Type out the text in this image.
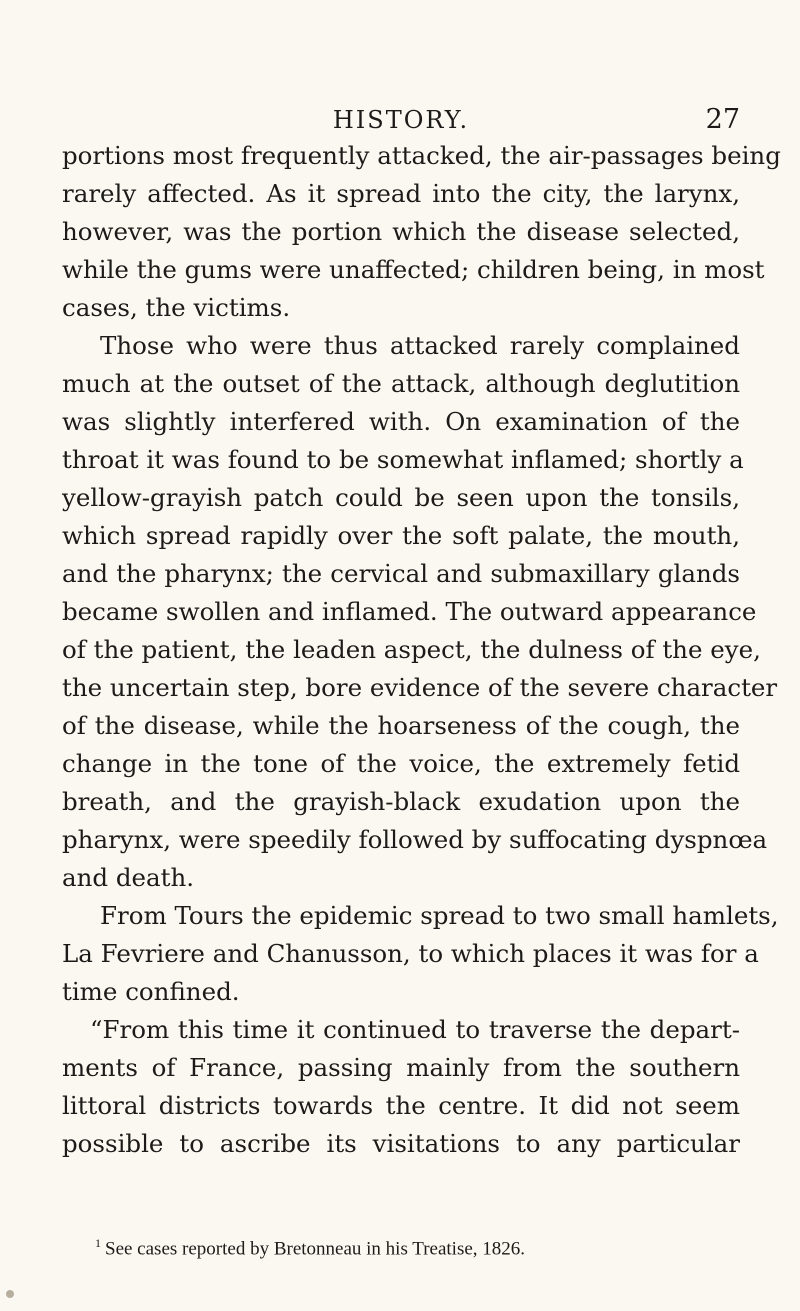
HISTORY.	27
portions most frequently attacked, the air-passages being
rarely affected. As it spread into the city, the larynx,
however, was the portion which the disease selected,
while the gums were unaffected; children being, in most
cases, the victims.
Those who were thus attacked rarely complained
much at the outset of the attack, although deglutition
was slightly interfered with. On examination of the
throat it was found to be somewhat inflamed; shortly a
yellow-grayish patch could be seen upon the tonsils,
which spread rapidly over the soft palate, the mouth,
and the pharynx; the cervical and submaxillary glands
became swollen and inflamed. The outward appearance
of the patient, the leaden aspect, the dulness of the eye,
the uncertain step, bore evidence of the severe character
of the disease, while the hoarseness of the cough, the
change in the tone of the voice, the extremely fetid
breath, and the grayish-black exudation upon the
pharynx, were speedily followed by suffocating dyspnœa
and death.
From Tours the epidemic spread to two small hamlets,
La Fevriere and Chanusson, to which places it was for a
time confined.
“From this time it continued to traverse the depart-
ments of France, passing mainly from the southern
littoral districts towards the centre. It did not seem
possible to ascribe its visitations to any particular
$^1$ See cases reported by Bretonneau in his Treatise, 1826.
